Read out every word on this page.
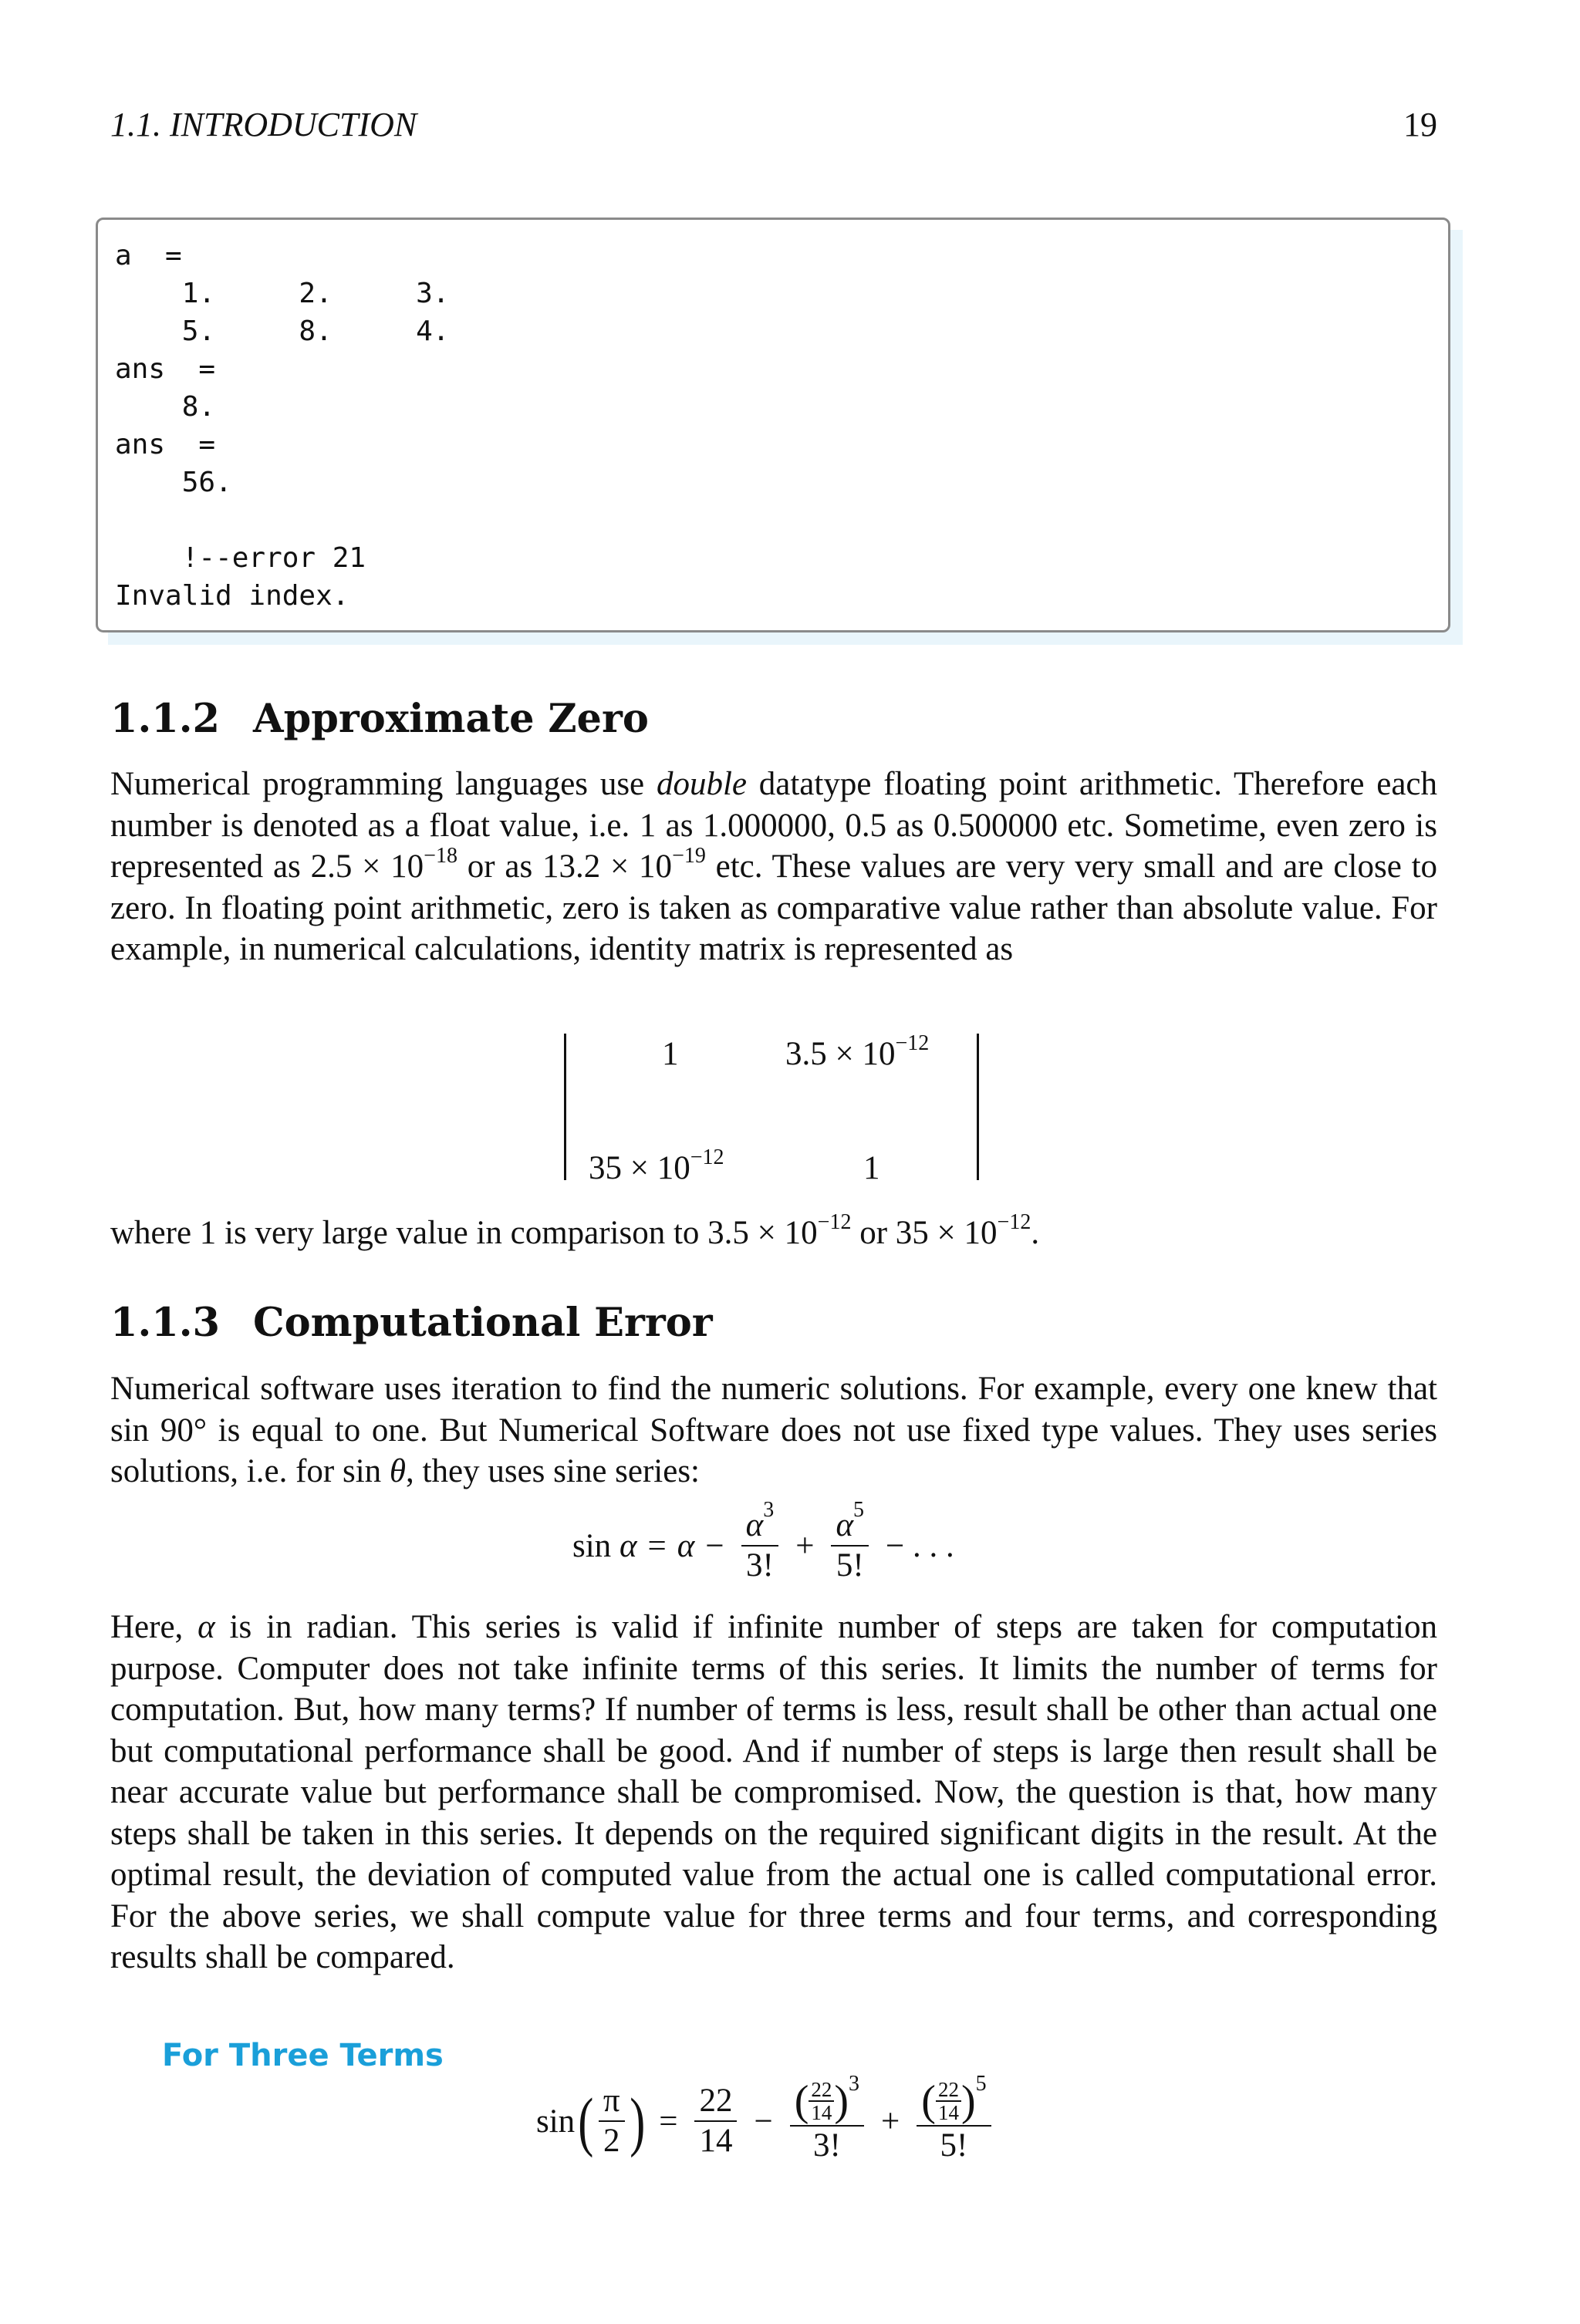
1.1. INTRODUCTION	19
a  =
1.     2.     3.
5.     8.     4.
ans  =
8.
ans  =
56.

!--error 21
Invalid index.
1.1.2 Approximate Zero

Numerical programming languages use double datatype floating point arithmetic. Therefore each number is denoted as a float value, i.e. 1 as 1.000000, 0.5 as 0.500000 etc. Sometime, even zero is represented as $2.5 \times 10^{-18}$ or as $13.2 \times 10^{-19}$ etc. These values are very very small and are close to zero. In floating point arithmetic, zero is taken as comparative value rather than absolute value. For example, in numerical calculations, identity matrix is represented as

1	$3.5 \times 10^{-12}$
$35 \times 10^{-12}$	1

where 1 is very large value in comparison to $3.5 \times 10^{-12}$ or $35 \times 10^{-12}$.

1.1.3 Computational Error

Numerical software uses iteration to find the numeric solutions. For example, every one knew that sin 90° is equal to one. But Numerical Software does not use fixed type values. They uses series solutions, i.e. for sin θ, they uses sine series:

sin
$\alpha = \alpha - \frac{\alpha^3}{3!} + \frac{\alpha^5}{5!}$ − . . .

Here, α is in radian. This series is valid if infinite number of steps are taken for computation purpose. Computer does not take infinite terms of this series. It limits the number of terms for computation. But, how many terms? If number of terms is less, result shall be other than actual one but computational performance shall be good. And if number of steps is large then result shall be near accurate value but performance shall be compromised. Now, the question is that, how many steps shall be taken in this series. It depends on the required significant digits in the result. At the optimal result, the deviation of computed value from the actual one is called computational error. For the above series, we shall compute value for three terms and four terms, and corresponding results shall be compared.

For Three Terms
sin ( $\frac{\pi}{2}$ ) = $\frac{22}{14} - \frac{( \frac{22}{14} )^3}{3!} + \frac{( \frac{22}{14} )^5}{5!}$
